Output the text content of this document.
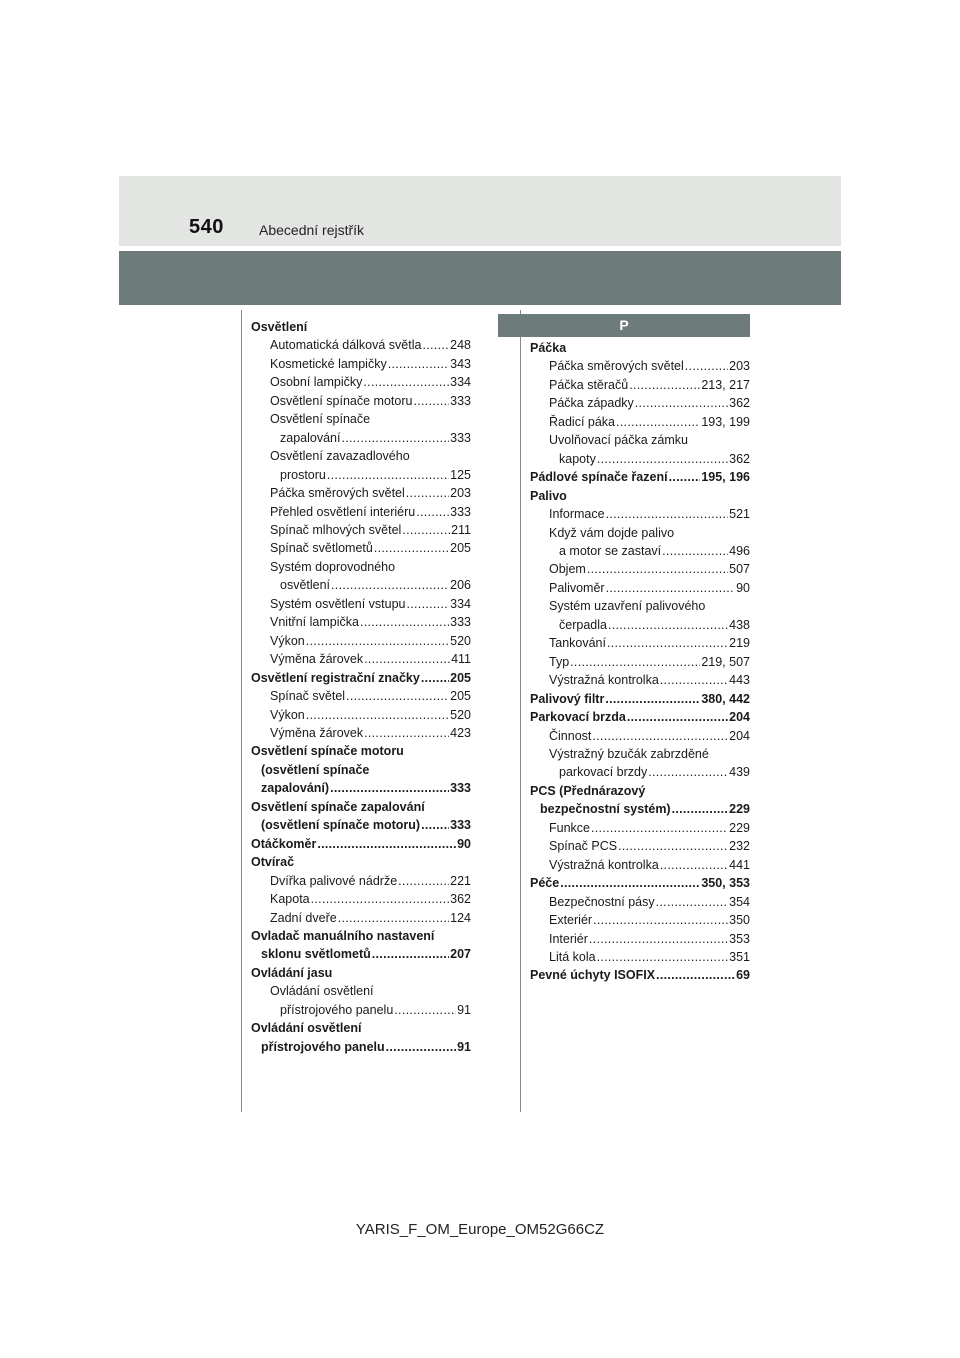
540	Abecední rejstřík
Osvětlení
Automatická dálková světla ..... 248
Kosmetické lampičky .....	343
Osobní lampičky .....	334
Osvětlení spínače motoru .....	333
Osvětlení spínače
zapalování .....	333
Osvětlení zavazadlového
prostoru .....	125
Páčka směrových světel .....	203
Přehled osvětlení interiéru .....	333
Spínač mlhových světel .....	211
Spínač světlometů .....	205
Systém doprovodného
osvětlení .....	206
Systém osvětlení vstupu .....	334
Vnitřní lampička .....	333
Výkon .....	520
Výměna žárovek .....	411
Osvětlení registrační značky ..... 205
Spínač světel .....	205
Výkon .....	520
Výměna žárovek .....	423
Osvětlení spínače motoru
(osvětlení spínače
zapalování) .....	333
Osvětlení spínače zapalování
(osvětlení spínače motoru) ..... 333
Otáčkoměr .....	90
Otvírač
Dvířka palivové nádrže .....	221
Kapota .....	362
Zadní dveře .....	124
Ovladač manuálního nastavení
sklonu světlometů .....	207
Ovládání jasu
Ovládání osvětlení
přístrojového panelu .....	91
Ovládání osvětlení
přístrojového panelu .....	91
P
Páčka
Páčka směrových světel .....	203
Páčka stěračů .....	213, 217
Páčka západky .....	362
Řadicí páka .....	193, 199
Uvolňovací páčka zámku
kapoty .....	362
Pádlové spínače řazení .....	195, 196
Palivo
Informace .....	521
Když vám dojde palivo
a motor se zastaví .....	496
Objem .....	507
Palivoměr .....	90
Systém uzavření palivového
čerpadla .....	438
Tankování .....	219
Typ .....	219, 507
Výstražná kontrolka .....	443
Palivový filtr .....	380, 442
Parkovací brzda .....	204
Činnost .....	204
Výstražný bzučák zabrzděné
parkovací brzdy .....	439
PCS (Přednárazový
bezpečnostní systém) .....	229
Funkce .....	229
Spínač PCS .....	232
Výstražná kontrolka .....	441
Péče .....	350, 353
Bezpečnostní pásy .....	354
Exteriér .....	350
Interiér .....	353
Litá kola .....	351
Pevné úchyty ISOFIX .....	69
YARIS_F_OM_Europe_OM52G66CZ
